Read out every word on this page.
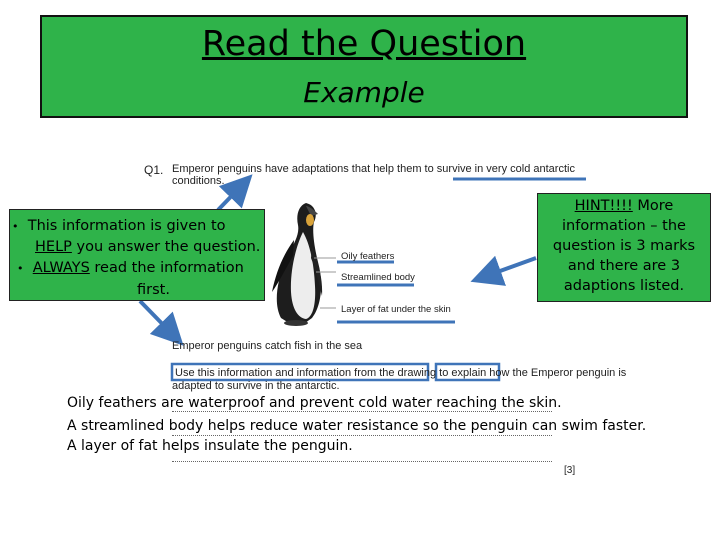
Read the Question
Example
Q1. Emperor penguins have adaptations that help them to survive in very cold antarctic
conditions.
Oily feathers
Streamlined body
Layer of fat under the skin
• This information is given to
HELP you answer the question.
• ALWAYS read the information
first.
HINT!!!! More
information – the
question is 3 marks
and there are 3
adaptions listed.
Emperor penguins catch fish in the sea
Use this information and information from the drawing to explain how the Emperor penguin is
adapted to survive in the antarctic.
Oily feathers are waterproof and prevent cold water reaching the skin.
A streamlined body helps reduce water resistance so the penguin can swim faster.
A layer of fat helps insulate the penguin.
[3]
